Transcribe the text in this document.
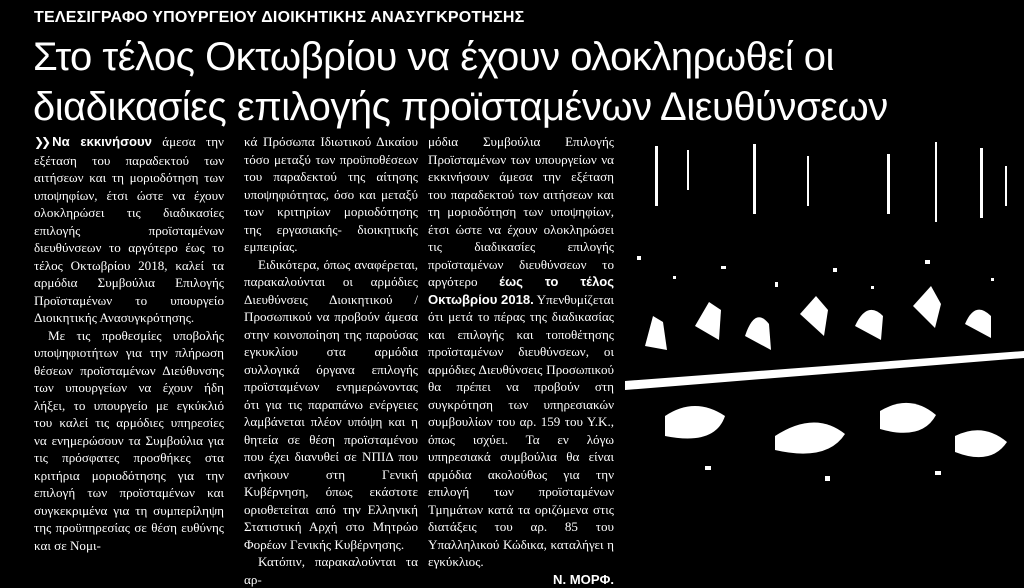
ΤΕΛΕΣΙΓΡΑΦΟ ΥΠΟΥΡΓΕΙΟΥ ΔΙΟΙΚΗΤΙΚΗΣ ΑΝΑΣΥΓΚΡΟΤΗΣΗΣ
Στο τέλος Οκτωβρίου να έχουν ολοκληρωθεί οι
διαδικασίες επιλογής προϊσταμένων Διευθύνσεων

❯❯ Να εκκινήσουν άμεσα την εξέταση του παραδεκτού των αιτήσεων και τη μοριοδότηση των υποψηφίων, έτσι ώστε να έχουν ολοκληρώσει τις διαδικασίες επιλογής προϊσταμένων διευθύνσεων το αργότερο έως το τέλος Οκτωβρίου 2018, καλεί τα αρμόδια Συμβούλια Επιλογής Προϊσταμένων το υπουργείο Διοικητικής Ανασυγκρότησης.

Με τις προθεσμίες υποβολής υποψηφιοτήτων για την πλήρωση θέσεων προϊσταμένων Διεύθυνσης των υπουργείων να έχουν ήδη λήξει, το υπουργείο με εγκύκλιό του καλεί τις αρμόδιες υπηρεσίες να ενημερώσουν τα Συμβούλια για τις πρόσφατες προσθήκες στα κριτήρια μοριοδότησης για την επιλογή των προϊσταμένων και συγκεκριμένα για τη συμπερίληψη της προϋπηρεσίας σε θέση ευθύνης και σε Νομι-

κά Πρόσωπα Ιδιωτικού Δικαίου τόσο μεταξύ των προϋποθέσεων του παραδεκτού της αίτησης υποψηφιότητας, όσο και μεταξύ των κριτηρίων μοριοδότησης της εργασιακής- διοικητικής εμπειρίας.

Ειδικότερα, όπως αναφέρεται, παρακαλούνται οι αρμόδιες Διευθύνσεις Διοικητικού /Προσωπικού να προβούν άμεσα στην κοινοποίηση της παρούσας εγκυκλίου στα αρμόδια συλλογικά όργανα επιλογής προϊσταμένων ενημερώνοντας ότι για τις παραπάνω ενέργειες λαμβάνεται πλέον υπόψη και η θητεία σε θέση προϊσταμένου που έχει διανυθεί σε ΝΠΙΔ που ανήκουν στη Γενική Κυβέρνηση, όπως εκάστοτε οριοθετείται από την Ελληνική Στατιστική Αρχή στο Μητρώο Φορέων Γενικής Κυβέρνησης.

Κατόπιν, παρακαλούνται τα αρ-

μόδια Συμβούλια Επιλογής Προϊσταμένων των υπουργείων να εκκινήσουν άμεσα την εξέταση του παραδεκτού των αιτήσεων και τη μοριοδότηση των υποψηφίων, έτσι ώστε να έχουν ολοκληρώσει τις διαδικασίες επιλογής προϊσταμένων διευθύνσεων το αργότερο έως το τέλος Οκτωβρίου 2018. Υπενθυμίζεται ότι μετά το πέρας της διαδικασίας και επιλογής και τοποθέτησης προϊσταμένων διευθύνσεων, οι αρμόδιες Διευθύνσεις Προσωπικού θα πρέπει να προβούν στη συγκρότηση των υπηρεσιακών συμβουλίων του αρ. 159 του Υ.Κ., όπως ισχύει. Τα εν λόγω υπηρεσιακά συμβούλια θα είναι αρμόδια ακολούθως για την επιλογή των προϊσταμένων Τμημάτων κατά τα οριζόμενα στις διατάξεις του αρ. 85 του Υπαλληλικού Κώδικα, καταλήγει η εγκύκλιος.

Ν. ΜΟΡΦ.
